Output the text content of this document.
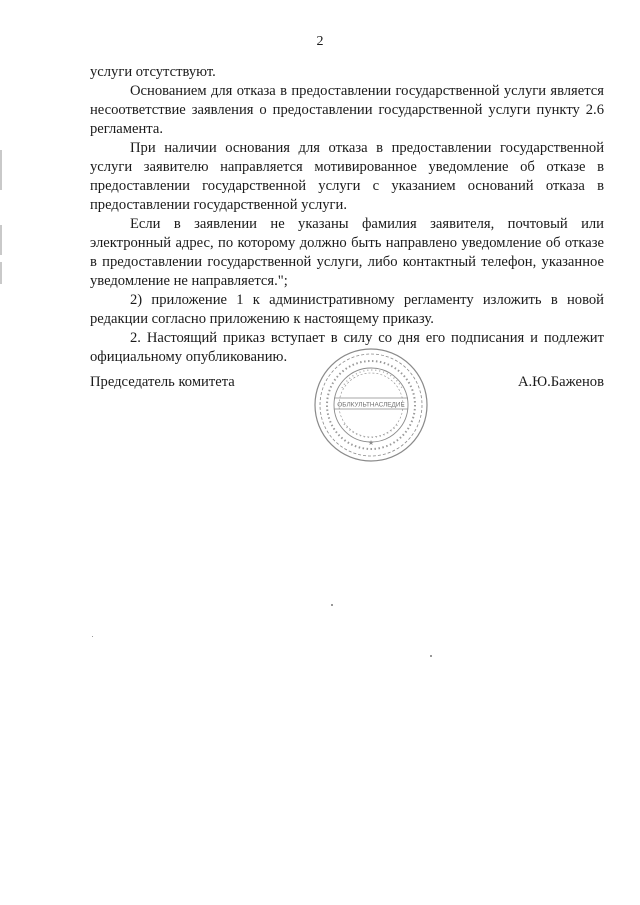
2

услуги отсутствуют.

Основанием для отказа в предоставлении государственной услуги является несоответствие заявления о предоставлении государственной услуги пункту 2.6 регламента.

При наличии основания для отказа в предоставлении государственной услуги заявителю направляется мотивированное уведомление об отказе в предоставлении государственной услуги с указанием оснований отказа в предоставлении государственной услуги.

Если в заявлении не указаны фамилия заявителя, почтовый или электронный адрес, по которому должно быть направлено уведомление об отказе в предоставлении государственной услуги, либо контактный телефон, указанное уведомление не направляется.";

2) приложение 1 к административному регламенту изложить в новой редакции согласно приложению к настоящему приказу.

2. Настоящий приказ вступает в силу со дня его подписания и подлежит официальному опубликованию.

Председатель комитета	А.Ю.Баженов
ОБЛКУЛЬТНАСЛЕДИЕ
★
